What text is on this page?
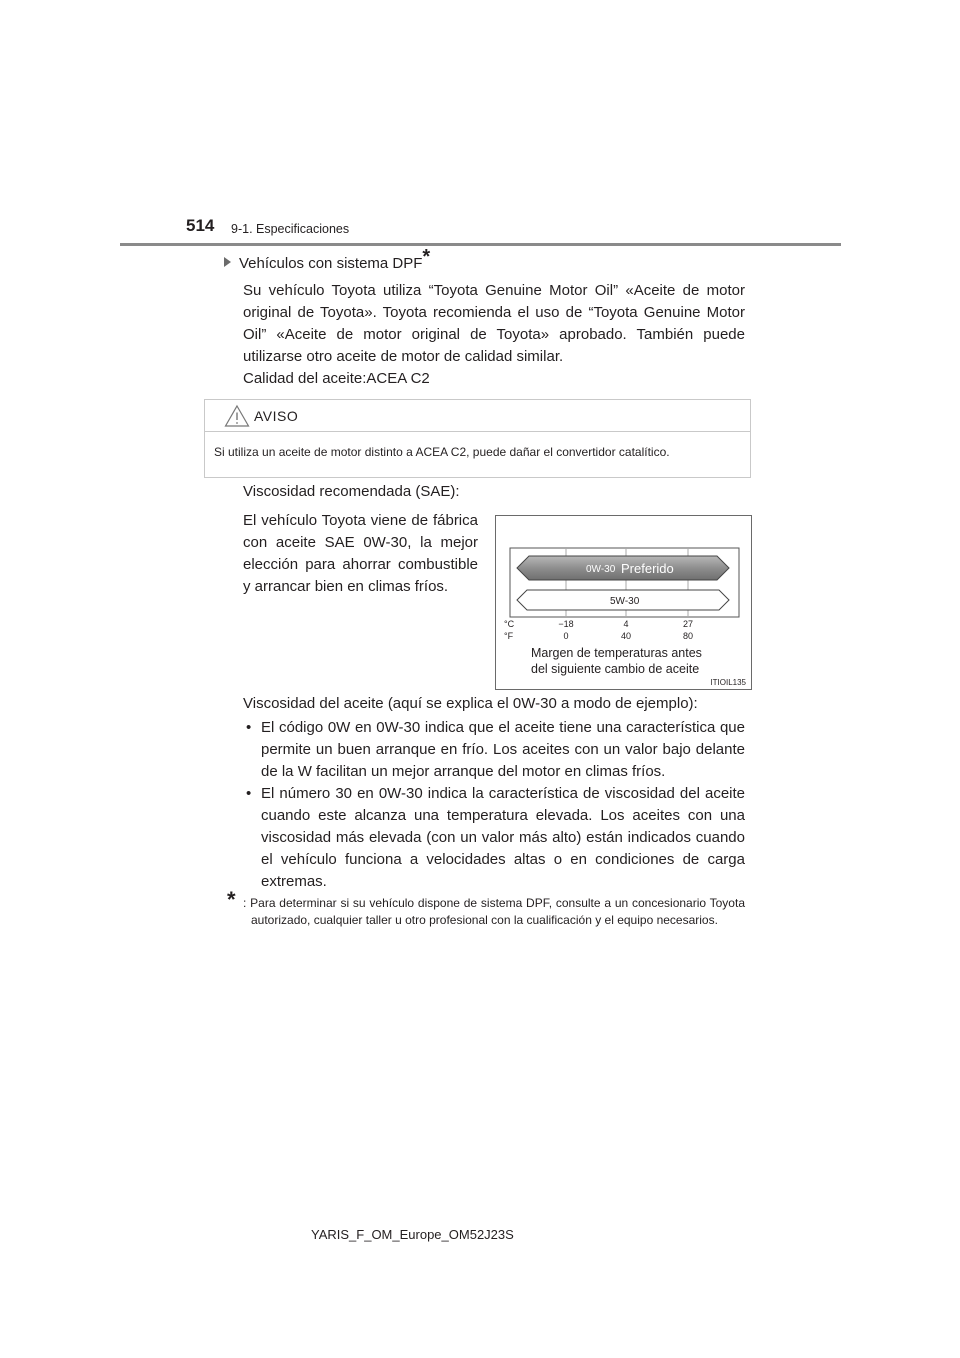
514 9-1. Especificaciones
Vehículos con sistema DPF*
Su vehículo Toyota utiliza “Toyota Genuine Motor Oil” «Aceite de motor original de Toyota». Toyota recomienda el uso de “Toyota Genuine Motor Oil” «Aceite de motor original de Toyota» aprobado. También puede utilizarse otro aceite de motor de calidad similar.
Calidad del aceite:ACEA C2
AVISO
Si utiliza un aceite de motor distinto a ACEA C2, puede dañar el convertidor catalítico.
Viscosidad recomendada (SAE):
El vehículo Toyota viene de fábrica con aceite SAE 0W-30, la mejor elección para ahorrar combustible y arrancar bien en climas fríos.
0W-30 Preferido
5W-30
°C
°F
−18	4	27
0	40	80
Margen de temperaturas antes
del siguiente cambio de aceite
ITIOIL135
Viscosidad del aceite (aquí se explica el 0W-30 a modo de ejemplo):
• El código 0W en 0W-30 indica que el aceite tiene una característica que permite un buen arranque en frío. Los aceites con un valor bajo delante de la W facilitan un mejor arranque del motor en climas fríos.
• El número 30 en 0W-30 indica la característica de viscosidad del aceite cuando este alcanza una temperatura elevada. Los aceites con una viscosidad más elevada (con un valor más alto) están indicados cuando el vehículo funciona a velocidades altas o en condiciones de carga extremas.
* : Para determinar si su vehículo dispone de sistema DPF, consulte a un concesionario Toyota autorizado, cualquier taller u otro profesional con la cualificación y el equipo necesarios.
YARIS_F_OM_Europe_OM52J23S
